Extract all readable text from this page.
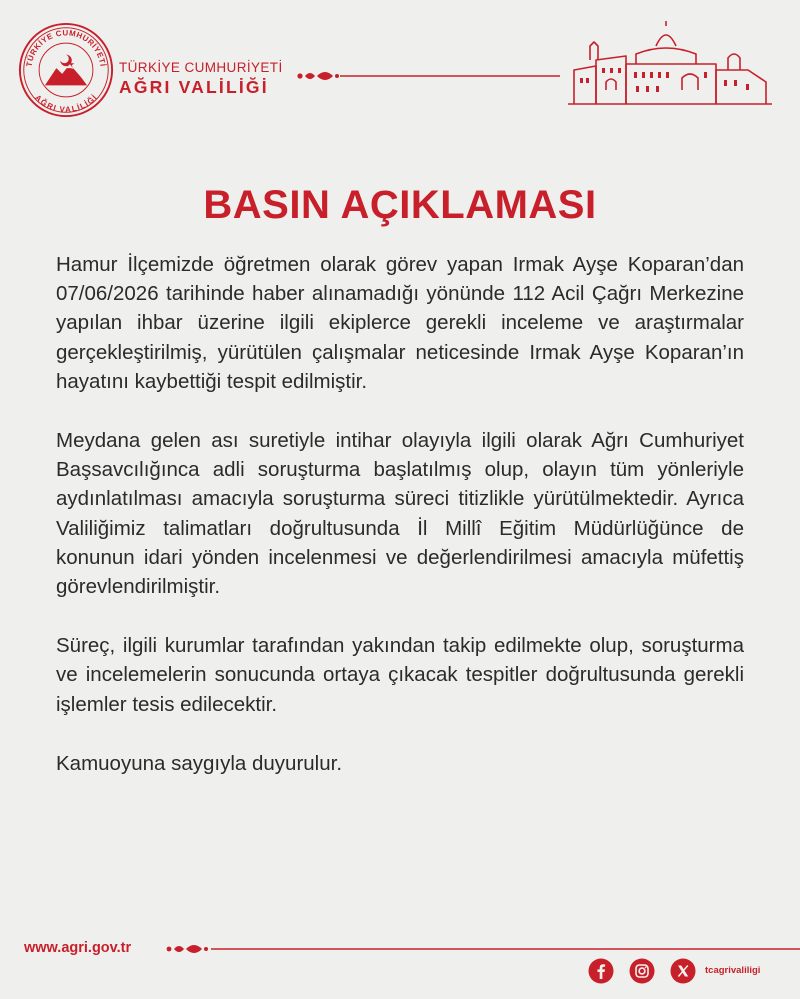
TÜRKİYE CUMHURİYETİ
AĞRI VALİLİĞİ
TÜRKİYE CUMHURİYETİ
AĞRI VALİLİĞİ
BASIN AÇIKLAMASI

Hamur İlçemizde öğretmen olarak görev yapan Irmak Ayşe Koparan’dan 07/06/2026 tarihinde haber alınamadığı yönünde 112 Acil Çağrı Merkezine yapılan ihbar üzerine ilgili ekiplerce gerekli inceleme ve araştırmalar gerçekleştirilmiş, yürütülen çalışmalar neticesinde Irmak Ayşe Koparan’ın hayatını kaybettiği tespit edilmiştir.

Meydana gelen ası suretiyle intihar olayıyla ilgili olarak Ağrı Cumhuriyet Başsavcılığınca adli soruşturma başlatılmış olup, olayın tüm yönleriyle aydınlatılması amacıyla soruşturma süreci titizlikle yürütülmektedir. Ayrıca Valiliğimiz talimatları doğrultusunda İl Millî Eğitim Müdürlüğünce de konunun idari yönden incelenmesi ve değerlendirilmesi amacıyla müfettiş görevlendirilmiştir.

Süreç, ilgili kurumlar tarafından yakından takip edilmekte olup, soruşturma ve incelemelerin sonucunda ortaya çıkacak tespitler doğrultusunda gerekli işlemler tesis edilecektir.

Kamuoyuna saygıyla duyurulur.

www.agri.gov.tr
tcagrivaliligi
